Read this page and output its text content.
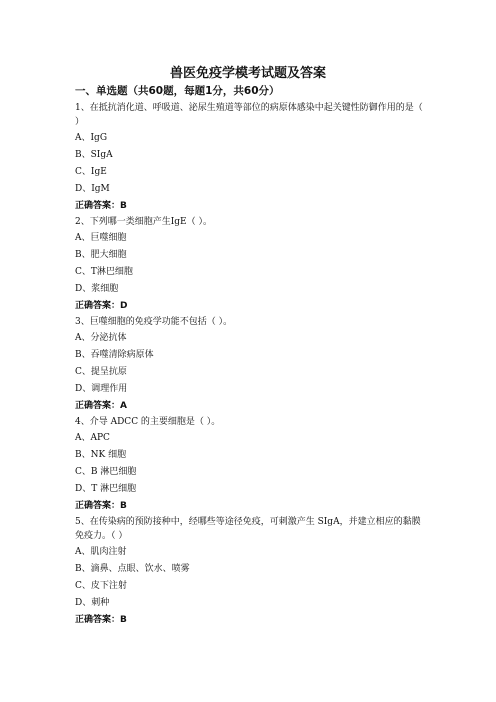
兽医免疫学模考试题及答案
一、单选题（共60题，每题1分，共60分）
1、在抵抗消化道、呼吸道、泌尿生殖道等部位的病原体感染中起关键性防御作用的是（ ）
A、IgG
B、SIgA
C、IgE
D、IgM
正确答案：B
2、下列哪一类细胞产生IgE（ ）。
A、巨噬细胞
B、肥大细胞
C、T淋巴细胞
D、浆细胞
正确答案：D
3、巨噬细胞的免疫学功能不包括（ ）。
A、分泌抗体
B、吞噬清除病原体
C、提呈抗原
D、调理作用
正确答案：A
4、介导 ADCC 的主要细胞是（ ）。
A、APC
B、NK 细胞
C、B 淋巴细胞
D、T 淋巴细胞
正确答案：B
5、在传染病的预防接种中，经哪些等途径免疫，可刺激产生 SIgA，并建立相应的黏膜免疫力。（ ）
A、肌肉注射
B、滴鼻、点眼、饮水、喷雾
C、皮下注射
D、刺种
正确答案：B
